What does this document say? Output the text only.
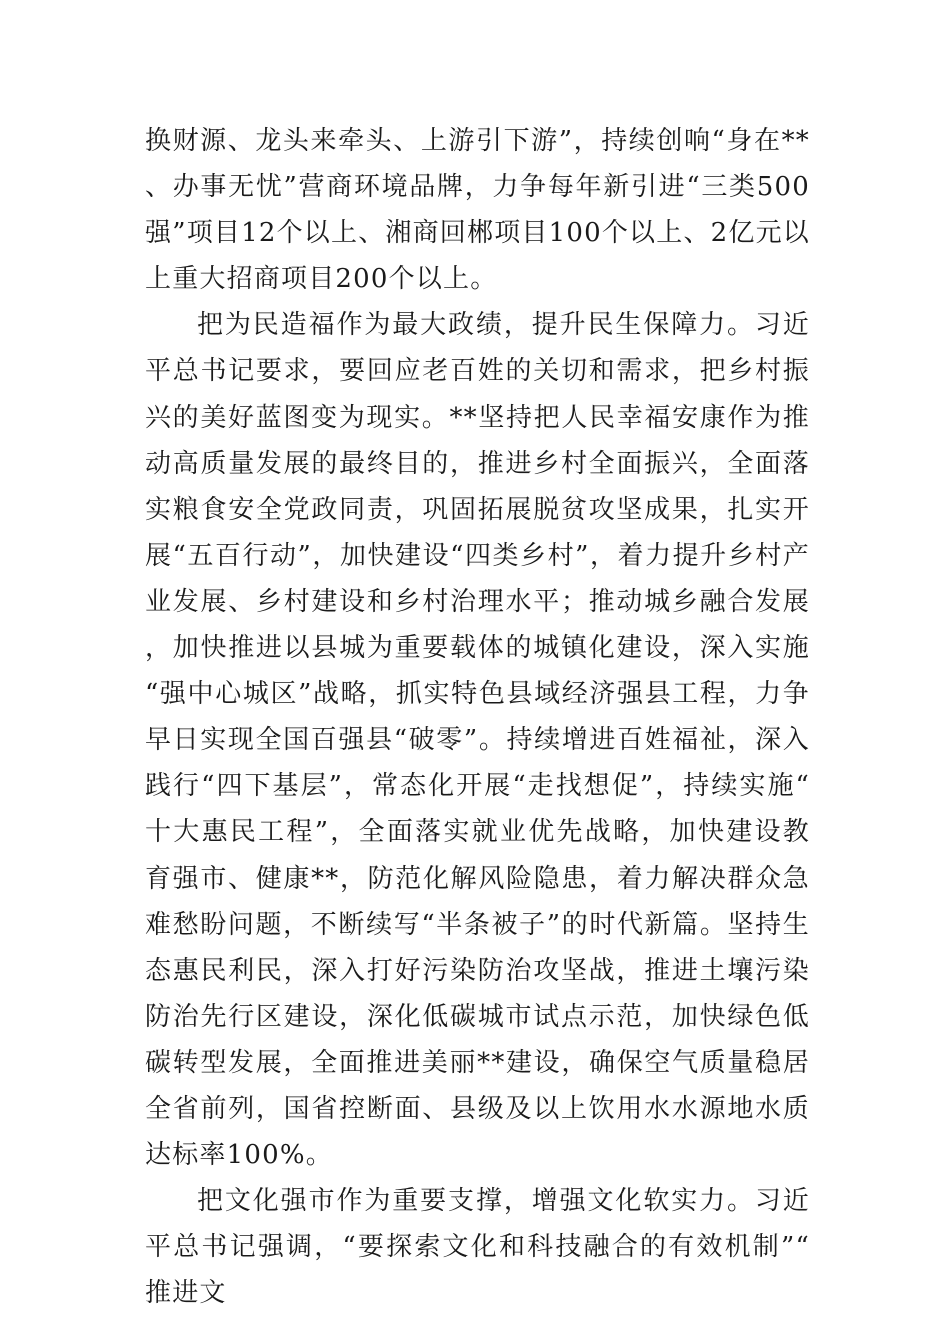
换财源、龙头来牵头、上游引下游”，持续创响“身在**、办事无忧”营商环境品牌，力争每年新引进“三类500强”项目12个以上、湘商回郴项目100个以上、2亿元以上重大招商项目200个以上。

把为民造福作为最大政绩，提升民生保障力。习近平总书记要求，要回应老百姓的关切和需求，把乡村振兴的美好蓝图变为现实。**坚持把人民幸福安康作为推动高质量发展的最终目的，推进乡村全面振兴，全面落实粮食安全党政同责，巩固拓展脱贫攻坚成果，扎实开展“五百行动”，加快建设“四类乡村”，着力提升乡村产业发展、乡村建设和乡村治理水平；推动城乡融合发展，加快推进以县城为重要载体的城镇化建设，深入实施“强中心城区”战略，抓实特色县域经济强县工程，力争早日实现全国百强县“破零”。持续增进百姓福祉，深入践行“四下基层”，常态化开展“走找想促”，持续实施“十大惠民工程”，全面落实就业优先战略，加快建设教育强市、健康**，防范化解风险隐患，着力解决群众急难愁盼问题，不断续写“半条被子”的时代新篇。坚持生态惠民利民，深入打好污染防治攻坚战，推进土壤污染防治先行区建设，深化低碳城市试点示范，加快绿色低碳转型发展，全面推进美丽**建设，确保空气质量稳居全省前列，国省控断面、县级及以上饮用水水源地水质达标率100%。

把文化强市作为重要支撑，增强文化软实力。习近平总书记强调，“要探索文化和科技融合的有效机制”“推进文
